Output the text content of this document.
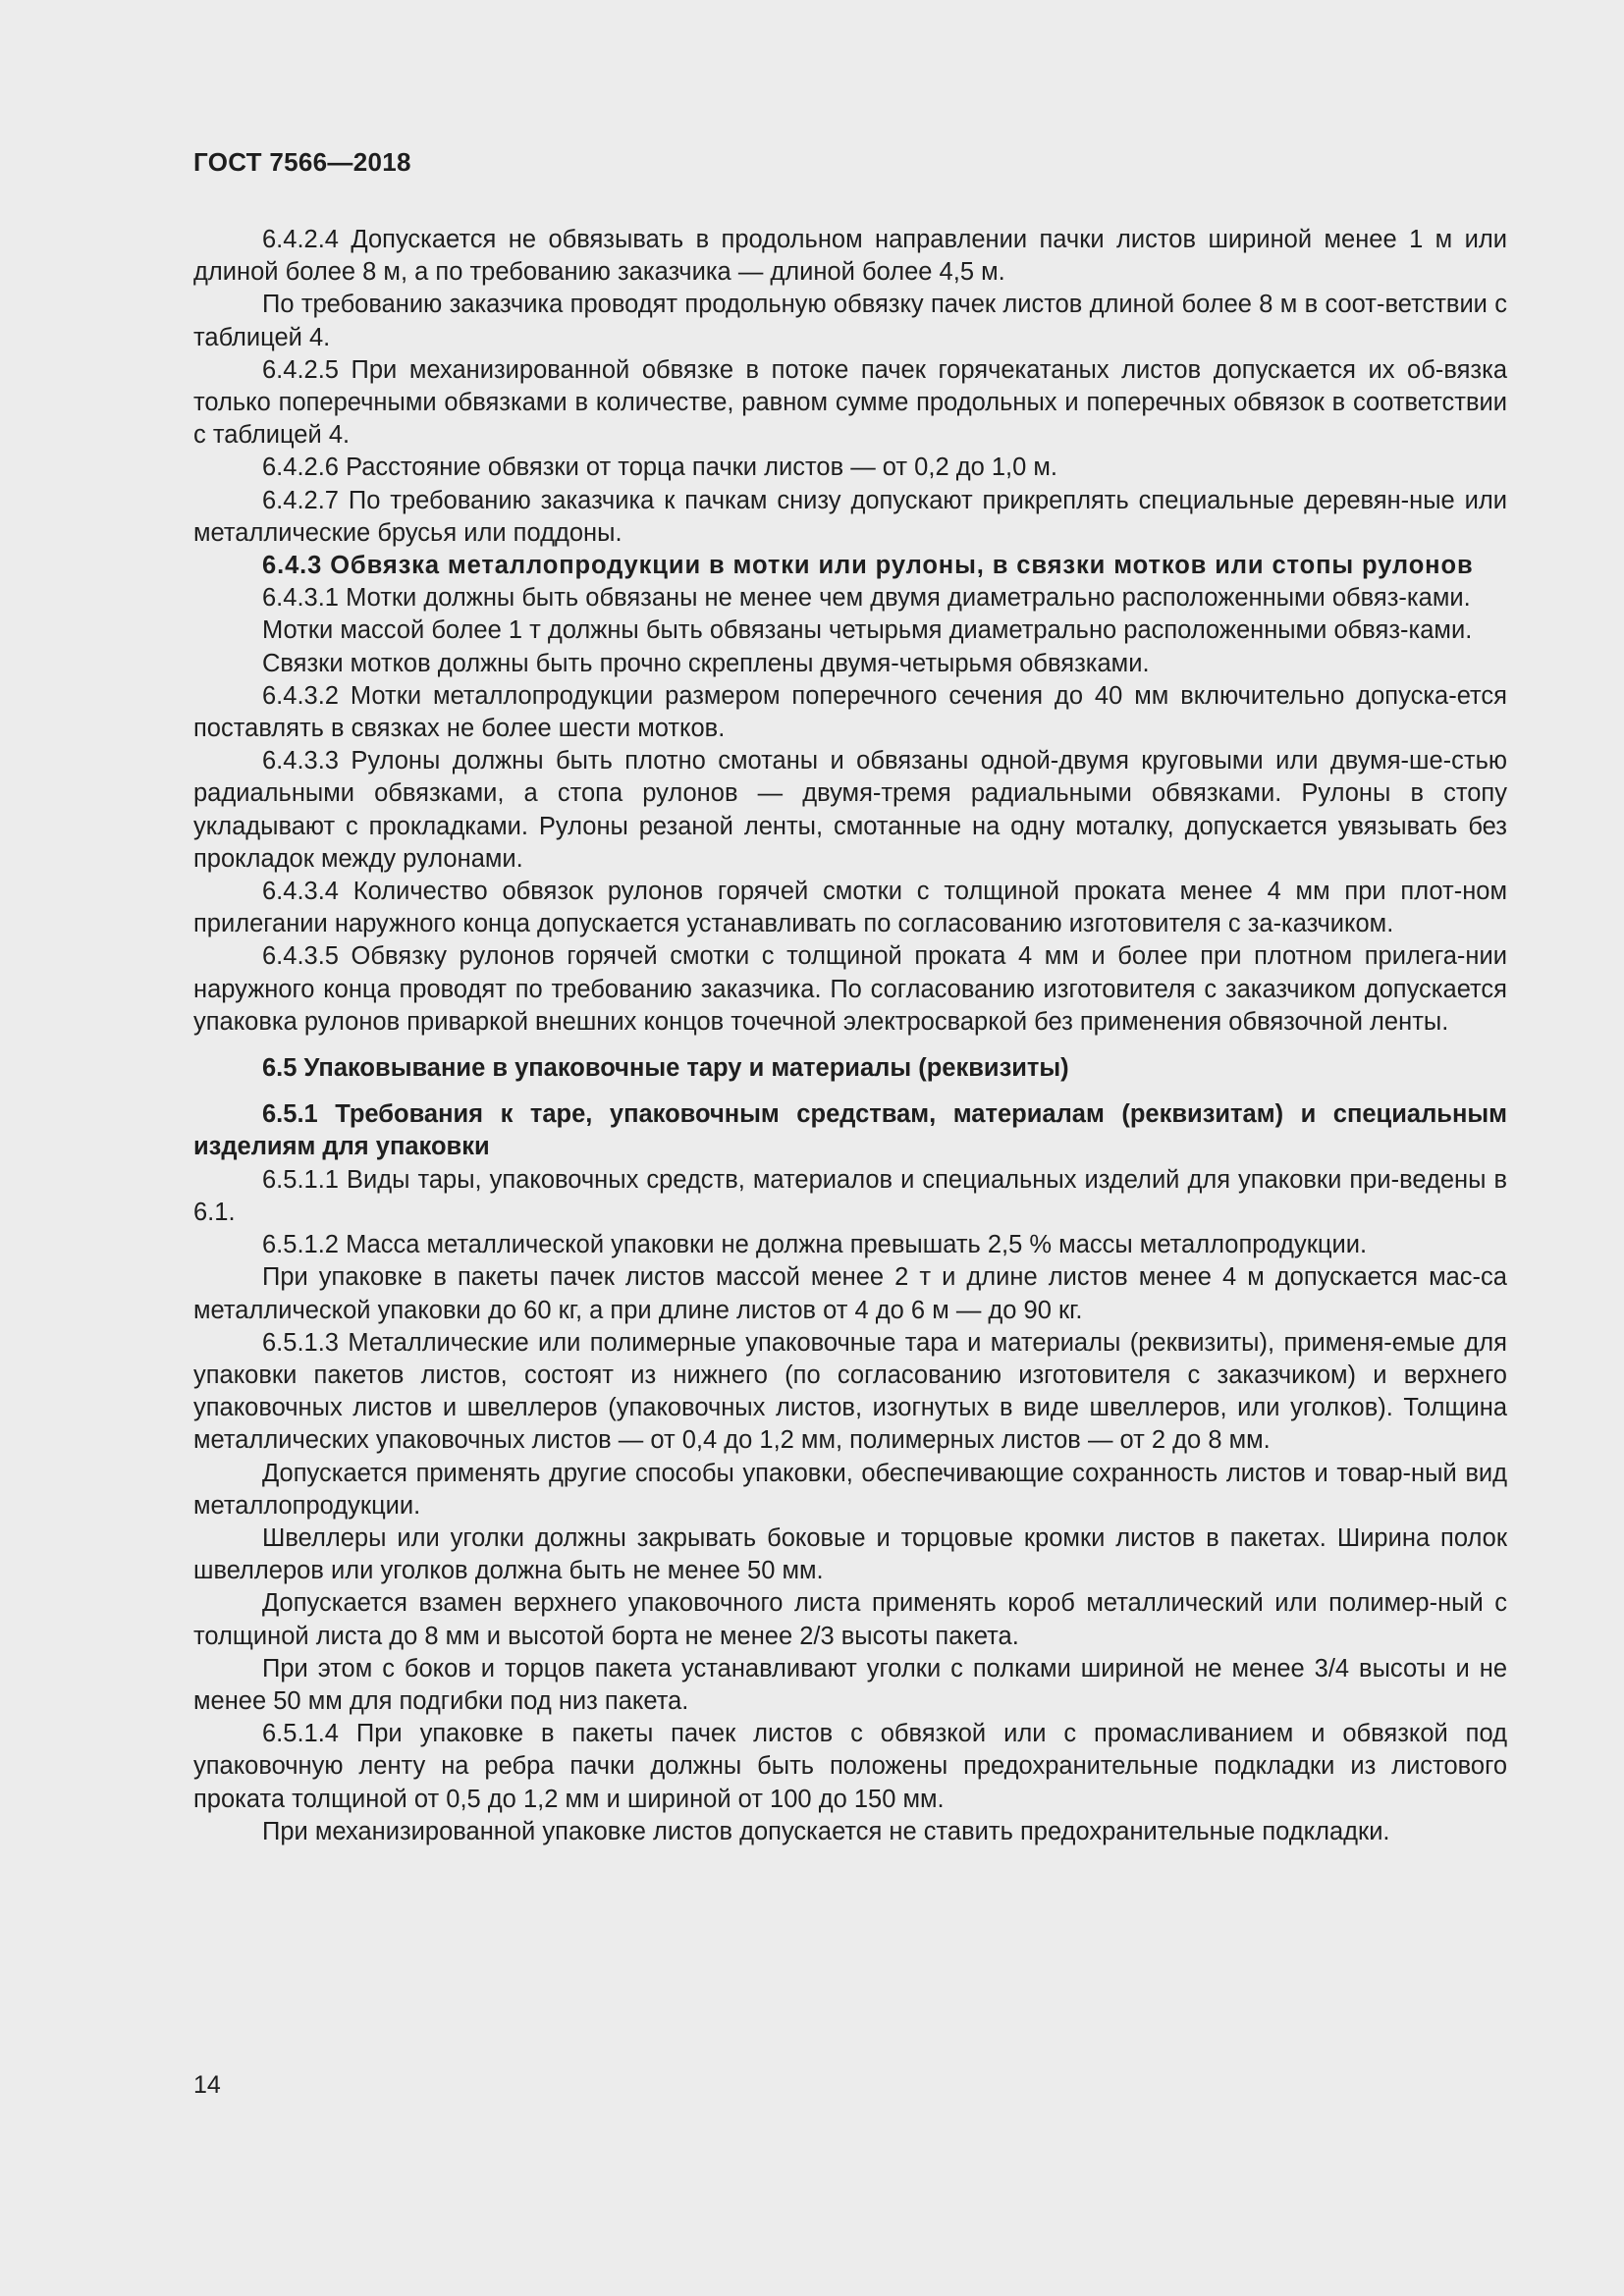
ГОСТ 7566—2018

6.4.2.4 Допускается не обвязывать в продольном направлении пачки листов шириной менее 1 м или длиной более 8 м, а по требованию заказчика — длиной более 4,5 м.

По требованию заказчика проводят продольную обвязку пачек листов длиной более 8 м в соот-ветствии с таблицей 4.

6.4.2.5 При механизированной обвязке в потоке пачек горячекатаных листов допускается их об-вязка только поперечными обвязками в количестве, равном сумме продольных и поперечных обвязок в соответствии с таблицей 4.

6.4.2.6 Расстояние обвязки от торца пачки листов — от 0,2 до 1,0 м.

6.4.2.7 По требованию заказчика к пачкам снизу допускают прикреплять специальные деревян-ные или металлические брусья или поддоны.

6.4.3 Обвязка металлопродукции в мотки или рулоны, в связки мотков или стопы рулонов

6.4.3.1 Мотки должны быть обвязаны не менее чем двумя диаметрально расположенными обвяз-ками.

Мотки массой более 1 т должны быть обвязаны четырьмя диаметрально расположенными обвяз-ками.

Связки мотков должны быть прочно скреплены двумя-четырьмя обвязками.

6.4.3.2 Мотки металлопродукции размером поперечного сечения до 40 мм включительно допуска-ется поставлять в связках не более шести мотков.

6.4.3.3 Рулоны должны быть плотно смотаны и обвязаны одной-двумя круговыми или двумя-ше-стью радиальными обвязками, а стопа рулонов — двумя-тремя радиальными обвязками. Рулоны в стопу укладывают с прокладками. Рулоны резаной ленты, смотанные на одну моталку, допускается увязывать без прокладок между рулонами.

6.4.3.4 Количество обвязок рулонов горячей смотки с толщиной проката менее 4 мм при плот-ном прилегании наружного конца допускается устанавливать по согласованию изготовителя с за-казчиком.

6.4.3.5 Обвязку рулонов горячей смотки с толщиной проката 4 мм и более при плотном прилега-нии наружного конца проводят по требованию заказчика. По согласованию изготовителя с заказчиком допускается упаковка рулонов приваркой внешних концов точечной электросваркой без применения обвязочной ленты.

6.5 Упаковывание в упаковочные тару и материалы (реквизиты)

6.5.1 Требования к таре, упаковочным средствам, материалам (реквизитам) и специальным изделиям для упаковки

6.5.1.1 Виды тары, упаковочных средств, материалов и специальных изделий для упаковки при-ведены в 6.1.

6.5.1.2 Масса металлической упаковки не должна превышать 2,5 % массы металлопродукции.

При упаковке в пакеты пачек листов массой менее 2 т и длине листов менее 4 м допускается мас-са металлической упаковки до 60 кг, а при длине листов от 4 до 6 м — до 90 кг.

6.5.1.3 Металлические или полимерные упаковочные тара и материалы (реквизиты), применя-емые для упаковки пакетов листов, состоят из нижнего (по согласованию изготовителя с заказчиком) и верхнего упаковочных листов и швеллеров (упаковочных листов, изогнутых в виде швеллеров, или уголков). Толщина металлических упаковочных листов — от 0,4 до 1,2 мм, полимерных листов — от 2 до 8 мм.

Допускается применять другие способы упаковки, обеспечивающие сохранность листов и товар-ный вид металлопродукции.

Швеллеры или уголки должны закрывать боковые и торцовые кромки листов в пакетах. Ширина полок швеллеров или уголков должна быть не менее 50 мм.

Допускается взамен верхнего упаковочного листа применять короб металлический или полимер-ный с толщиной листа до 8 мм и высотой борта не менее 2/3 высоты пакета.

При этом с боков и торцов пакета устанавливают уголки с полками шириной не менее 3/4 высоты и не менее 50 мм для подгибки под низ пакета.

6.5.1.4 При упаковке в пакеты пачек листов с обвязкой или с промасливанием и обвязкой под упаковочную ленту на ребра пачки должны быть положены предохранительные подкладки из листового проката толщиной от 0,5 до 1,2 мм и шириной от 100 до 150 мм.

При механизированной упаковке листов допускается не ставить предохранительные подкладки.

14
